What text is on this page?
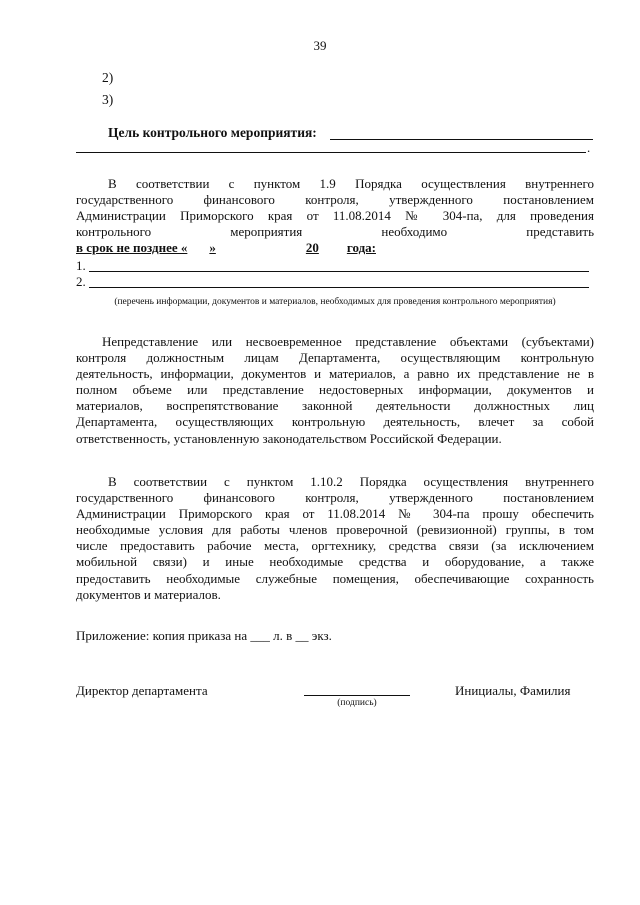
39
2)
3)
Цель контрольного мероприятия:
.
В соответствии с пунктом 1.9 Порядка осуществления внутреннего
государственного финансового контроля, утвержденного постановлением
Администрации Приморского края от 11.08.2014 № 304-па, для проведения
контрольного мероприятия необходимо представить
в срок не позднее « »	20 года:
1.
2.
(перечень информации, документов и материалов, необходимых для проведения контрольного мероприятия)
Непредставление или несвоевременное представление объектами (субъектами)
контроля должностным лицам Департамента, осуществляющим контрольную
деятельность, информации, документов и материалов, а равно их представление не в
полном объеме или представление недостоверных информации, документов и
материалов, воспрепятствование законной деятельности должностных лиц
Департамента, осуществляющих контрольную деятельность, влечет за собой
ответственность, установленную законодательством Российской Федерации.
В соответствии с пунктом 1.10.2 Порядка осуществления внутреннего
государственного финансового контроля, утвержденного постановлением
Администрации Приморского края от 11.08.2014 № 304-па прошу обеспечить
необходимые условия для работы членов проверочной (ревизионной) группы, в том
числе предоставить рабочие места, оргтехнику, средства связи (за исключением
мобильной связи) и иные необходимые средства и оборудование, а также
предоставить необходимые служебные помещения, обеспечивающие сохранность
документов и материалов.
Приложение: копия приказа на ___ л. в __ экз.
Директор департамента
(подпись)
Инициалы, Фамилия
